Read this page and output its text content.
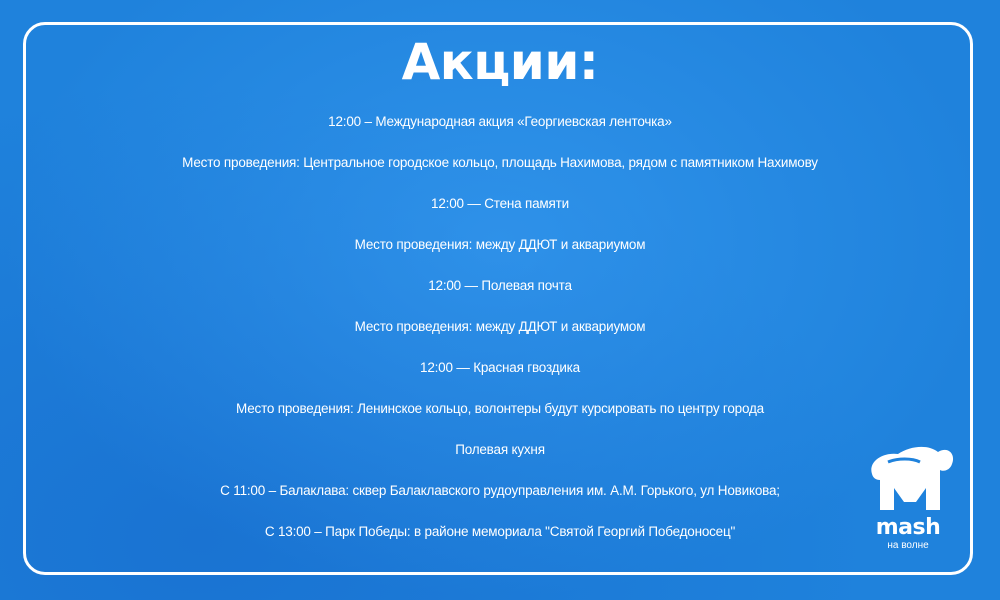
Акции:
12:00 – Международная акция «Георгиевская ленточка»
Место проведения: Центральное городское кольцо, площадь Нахимова, рядом с памятником Нахимову
12:00 — Стена памяти
Место проведения: между ДДЮТ и аквариумом
12:00 — Полевая почта
Место проведения: между ДДЮТ и аквариумом
12:00 — Красная гвоздика
Место проведения: Ленинское кольцо, волонтеры будут курсировать по центру города
Полевая кухня
С 11:00 – Балаклава: сквер Балаклавского рудоуправления им. А.М. Горького, ул Новикова;
С 13:00 – Парк Победы: в районе мемориала "Святой Георгий Победоносец"	mash
на волне
